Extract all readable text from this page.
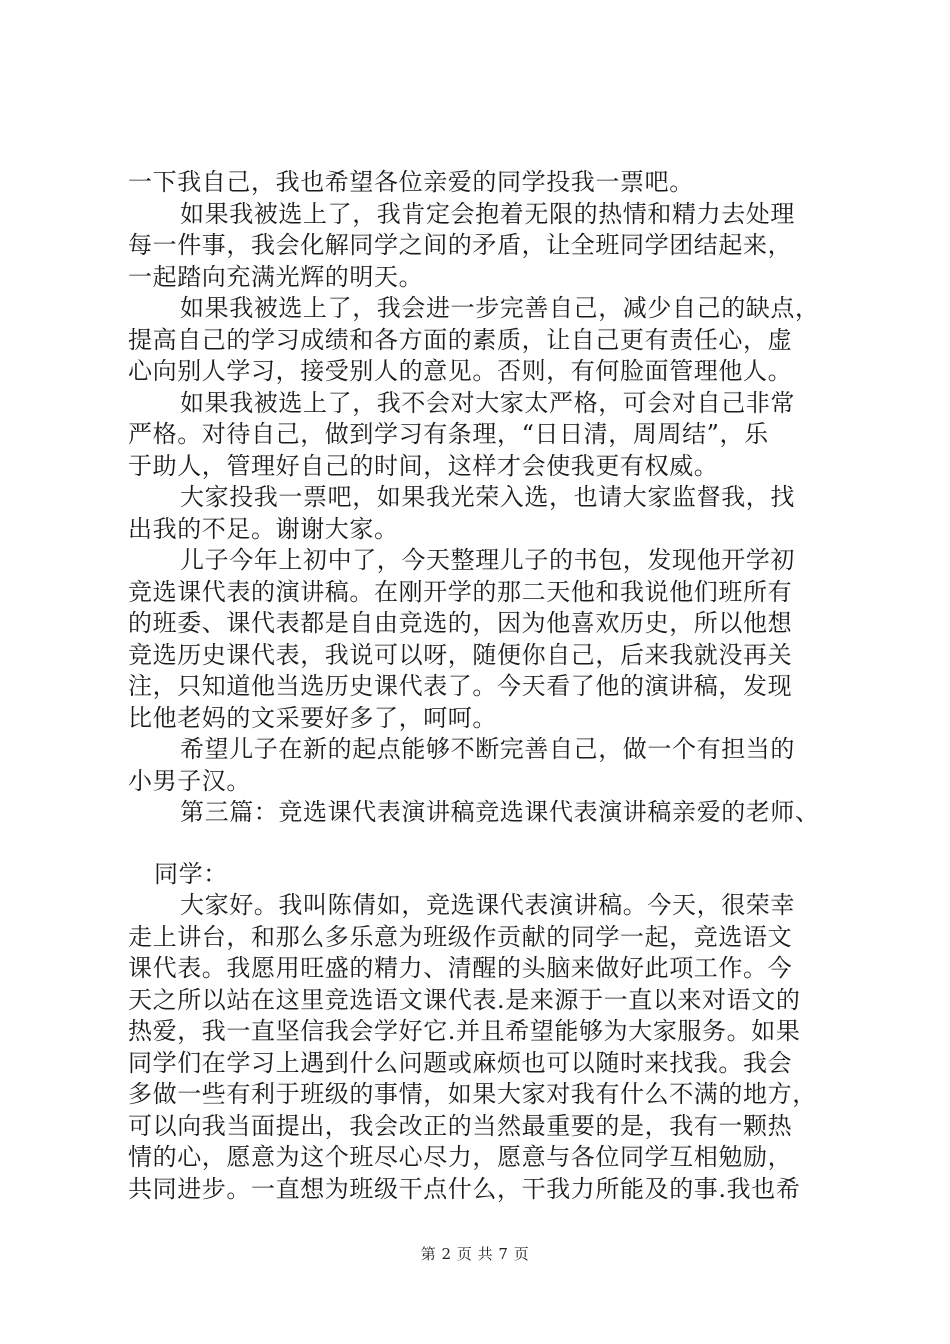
一下我自己，我也希望各位亲爱的同学投我一票吧。
如果我被选上了，我肯定会抱着无限的热情和精力去处理
每一件事，我会化解同学之间的矛盾，让全班同学团结起来，
一起踏向充满光辉的明天。
如果我被选上了，我会进一步完善自己，减少自己的缺点，
提高自己的学习成绩和各方面的素质，让自己更有责任心，虚
心向别人学习，接受别人的意见。否则，有何脸面管理他人。
如果我被选上了，我不会对大家太严格，可会对自己非常
严格。对待自己，做到学习有条理，“日日清，周周结”，乐
于助人，管理好自己的时间，这样才会使我更有权威。
大家投我一票吧，如果我光荣入选，也请大家监督我，找
出我的不足。谢谢大家。
儿子今年上初中了，今天整理儿子的书包，发现他开学初
竞选课代表的演讲稿。在刚开学的那二天他和我说他们班所有
的班委、课代表都是自由竞选的，因为他喜欢历史，所以他想
竞选历史课代表，我说可以呀，随便你自己，后来我就没再关
注，只知道他当选历史课代表了。今天看了他的演讲稿，发现
比他老妈的文采要好多了，呵呵。
希望儿子在新的起点能够不断完善自己，做一个有担当的
小男子汉。
第三篇：竞选课代表演讲稿竞选课代表演讲稿亲爱的老师、
同学：
大家好。我叫陈倩如，竞选课代表演讲稿。今天，很荣幸
走上讲台，和那么多乐意为班级作贡献的同学一起，竞选语文
课代表。我愿用旺盛的精力、清醒的头脑来做好此项工作。今
天之所以站在这里竞选语文课代表.是来源于一直以来对语文的
热爱，我一直坚信我会学好它.并且希望能够为大家服务。如果
同学们在学习上遇到什么问题或麻烦也可以随时来找我。我会
多做一些有利于班级的事情，如果大家对我有什么不满的地方，
可以向我当面提出，我会改正的当然最重要的是，我有一颗热
情的心，愿意为这个班尽心尽力，愿意与各位同学互相勉励，
共同进步。一直想为班级干点什么，干我力所能及的事.我也希
第 2 页 共 7 页
